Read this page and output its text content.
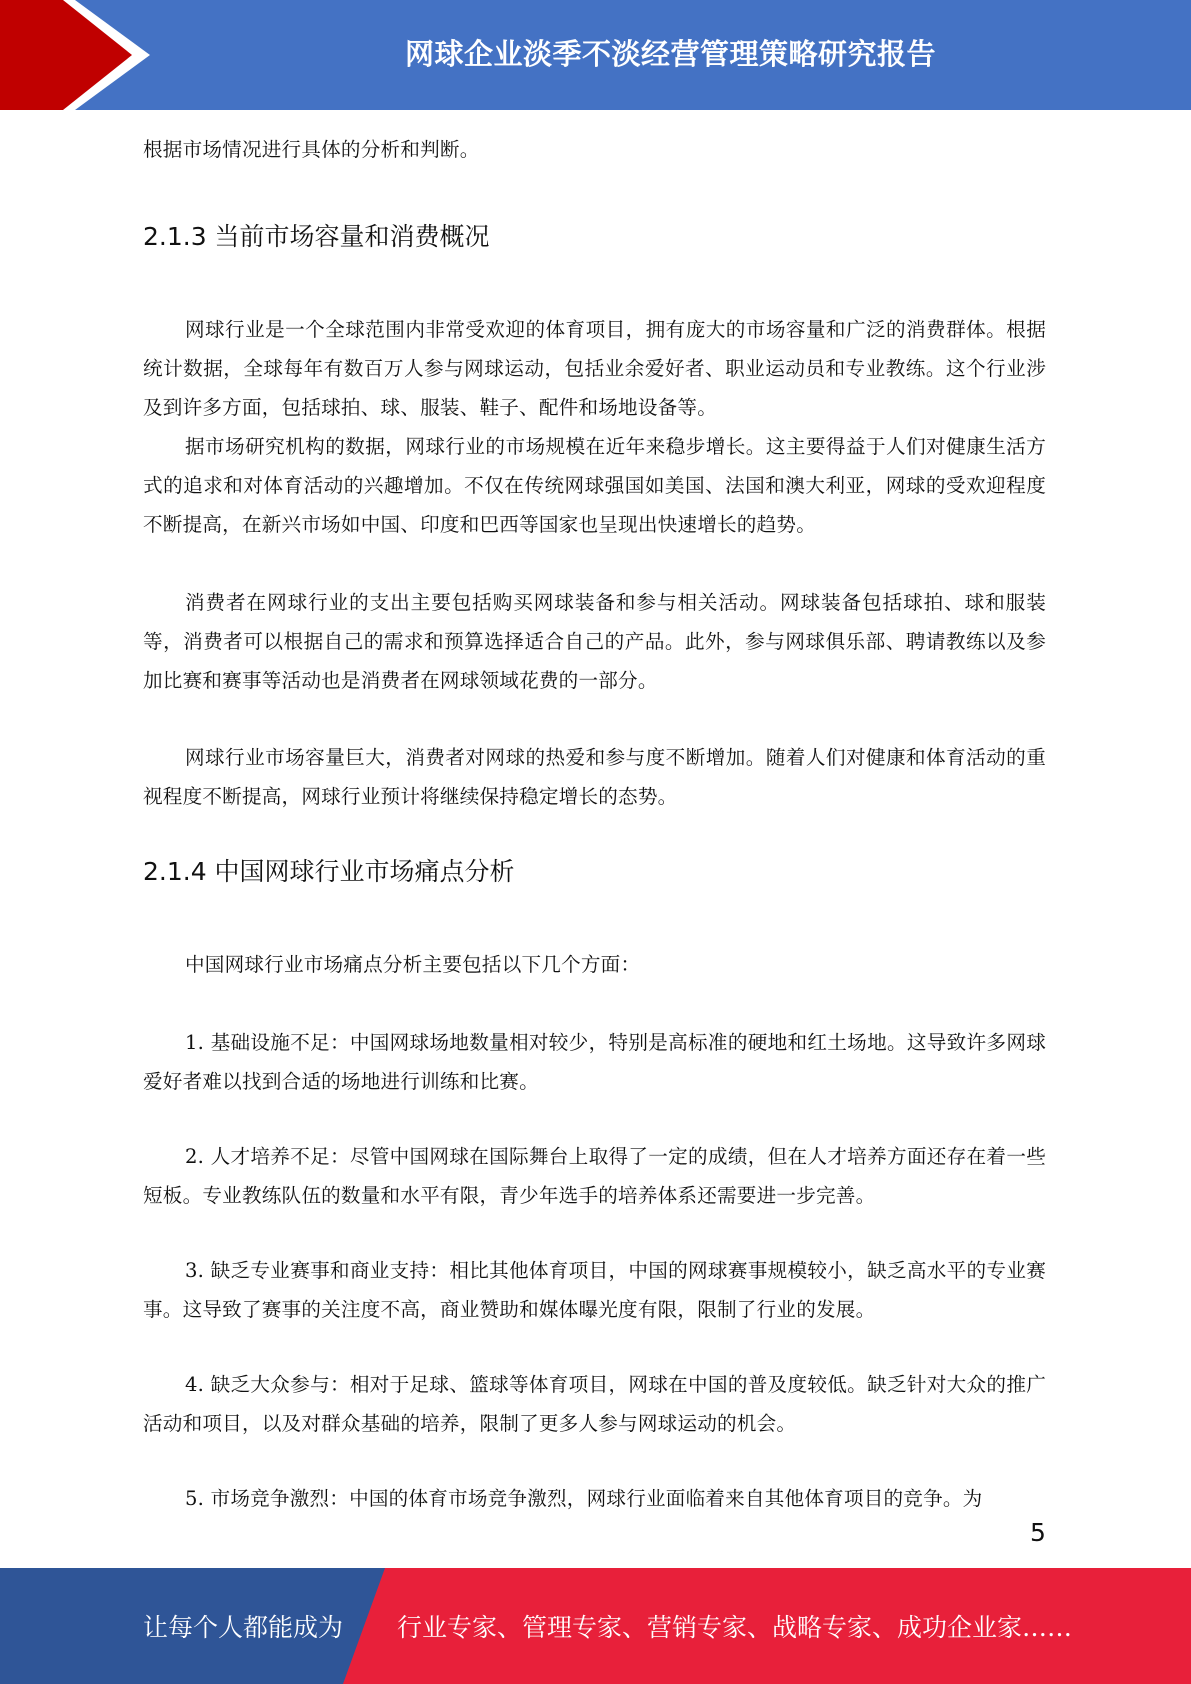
网球企业淡季不淡经营管理策略研究报告

根据市场情况进行具体的分析和判断。

2.1.3 当前市场容量和消费概况

网球行业是一个全球范围内非常受欢迎的体育项目，拥有庞大的市场容量和广泛的消费群体。根据统计数据，全球每年有数百万人参与网球运动，包括业余爱好者、职业运动员和专业教练。这个行业涉及到许多方面，包括球拍、球、服装、鞋子、配件和场地设备等。

据市场研究机构的数据，网球行业的市场规模在近年来稳步增长。这主要得益于人们对健康生活方式的追求和对体育活动的兴趣增加。不仅在传统网球强国如美国、法国和澳大利亚，网球的受欢迎程度不断提高，在新兴市场如中国、印度和巴西等国家也呈现出快速增长的趋势。

消费者在网球行业的支出主要包括购买网球装备和参与相关活动。网球装备包括球拍、球和服装等，消费者可以根据自己的需求和预算选择适合自己的产品。此外，参与网球俱乐部、聘请教练以及参加比赛和赛事等活动也是消费者在网球领域花费的一部分。

网球行业市场容量巨大，消费者对网球的热爱和参与度不断增加。随着人们对健康和体育活动的重视程度不断提高，网球行业预计将继续保持稳定增长的态势。

2.1.4 中国网球行业市场痛点分析

中国网球行业市场痛点分析主要包括以下几个方面：

1. 基础设施不足：中国网球场地数量相对较少，特别是高标准的硬地和红土场地。这导致许多网球爱好者难以找到合适的场地进行训练和比赛。

2. 人才培养不足：尽管中国网球在国际舞台上取得了一定的成绩，但在人才培养方面还存在着一些短板。专业教练队伍的数量和水平有限，青少年选手的培养体系还需要进一步完善。

3. 缺乏专业赛事和商业支持：相比其他体育项目，中国的网球赛事规模较小，缺乏高水平的专业赛事。这导致了赛事的关注度不高，商业赞助和媒体曝光度有限，限制了行业的发展。

4. 缺乏大众参与：相对于足球、篮球等体育项目，网球在中国的普及度较低。缺乏针对大众的推广活动和项目，以及对群众基础的培养，限制了更多人参与网球运动的机会。

5. 市场竞争激烈：中国的体育市场竞争激烈，网球行业面临着来自其他体育项目的竞争。为

5
让每个人都能成为 行业专家、管理专家、营销专家、战略专家、成功企业家……
